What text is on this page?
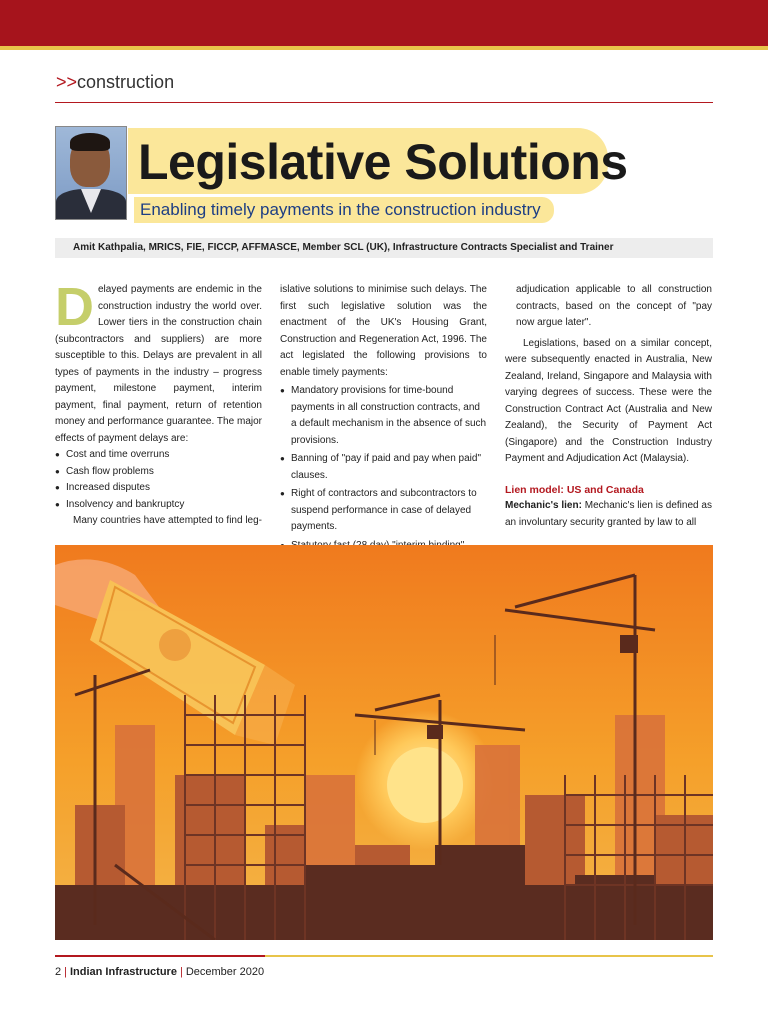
>>construction
Legislative Solutions
Enabling timely payments in the construction industry
Amit Kathpalia, MRICS, FIE, FICCP, AFFMASCE, Member SCL (UK), Infrastructure Contracts Specialist and Trainer

Delayed payments are endemic in the construction industry the world over. Lower tiers in the construction chain (subcontractors and suppliers) are more susceptible to this. Delays are prevalent in all types of payments in the industry – progress payment, milestone payment, interim payment, final payment, return of retention money and performance guarantee. The major effects of payment delays are:

● Cost and time overruns
● Cash flow problems
● Increased disputes
● Insolvency and bankruptcy

Many countries have attempted to find leg-

islative solutions to minimise such delays. The first such legislative solution was the enactment of the UK's Housing Grant, Construction and Regeneration Act, 1996. The act legislated the following provisions to enable timely payments:

● Mandatory provisions for time-bound payments in all construction contracts, and a default mechanism in the absence of such provisions.
● Banning of "pay if paid and pay when paid" clauses.
● Right of contractors and subcontractors to suspend performance in case of delayed payments.
●

adjudication applicable to all construction contracts, based on the concept of "pay now argue later".

Legislations, based on a similar concept, were subsequently enacted in Australia, New Zealand, Ireland, Singapore and Malaysia with varying degrees of success. These were the Construction Contract Act (Australia and New Zealand), the Security of Payment Act (Singapore) and the Construction Industry Payment and Adjudication Act (Malaysia).

Lien model: US and Canada

Mechanic's lien: Mechanic's lien is defined as an involuntary security granted by law to all

2 | Indian Infrastructure | December 2020
